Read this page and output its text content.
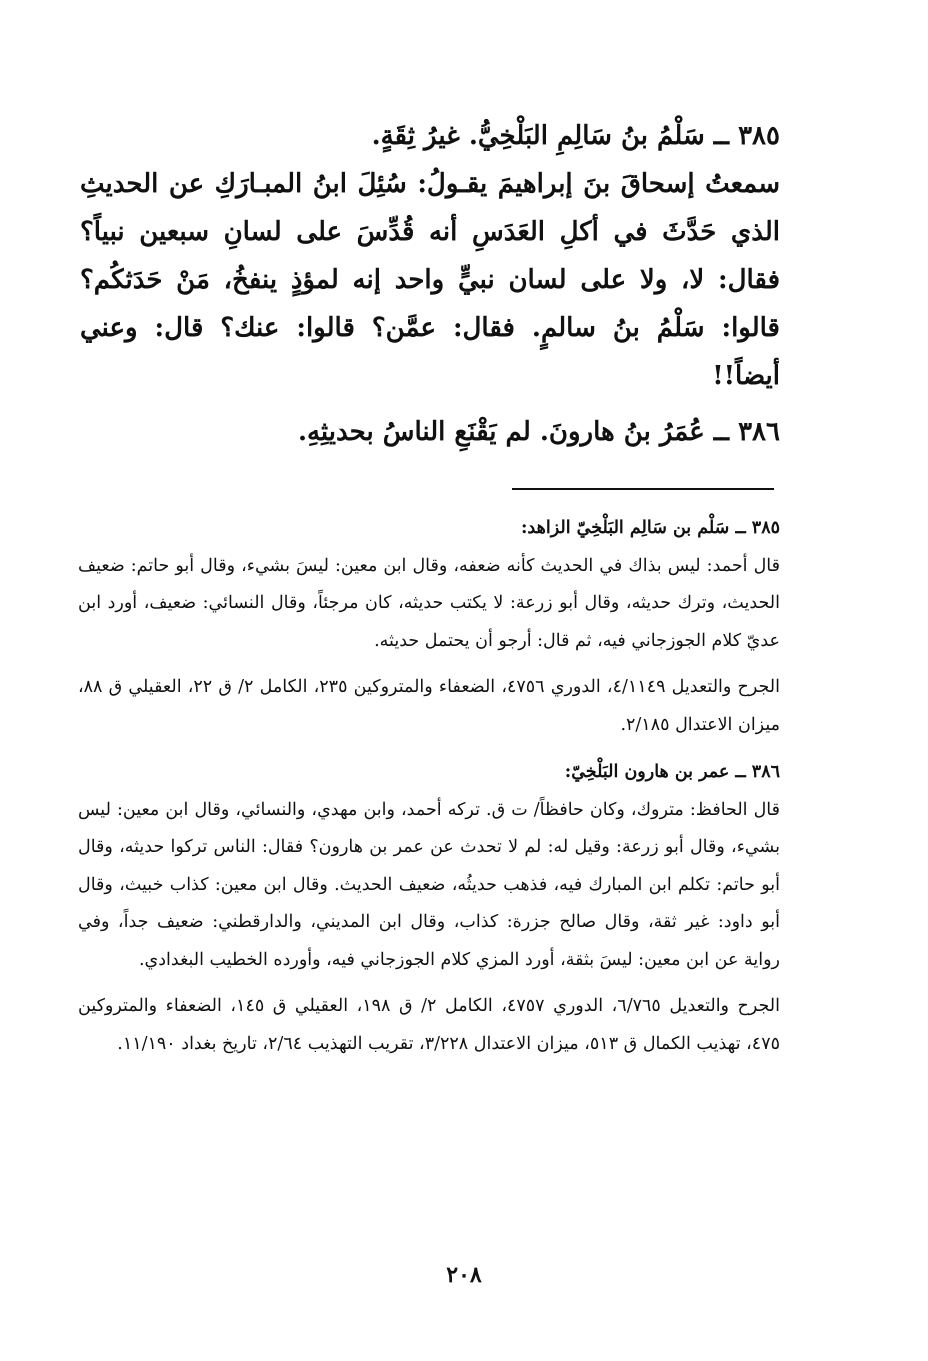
٣٨٥ ــ سَلْمُ بنُ سَالِمِ البَلْخِيُّ. غيرُ ثِقَةٍ.

سمعتُ إسحاقَ بنَ إبراهيمَ يقـولُ: سُئِلَ ابنُ المبـارَكِ عن الحديثِ الذي حَدَّثَ في أكلِ العَدَسِ أنه قُدِّسَ على لسانِ سبعين نبياً؟ فقال: لا، ولا على لسان نبيٍّ واحد إنه لمؤذٍ ينفخُ، مَنْ حَدَثكُم؟ قالوا: سَلْمُ بنُ سالمٍ. فقال: عمَّن؟ قالوا: عنك؟ قال: وعني أيضاً!!

٣٨٦ ــ عُمَرُ بنُ هارونَ. لم يَقْنَعِ الناسُ بحديثِهِ.

٣٨٥ ــ سَلْم بن سَالِم البَلْخِيّ الزاهد:

قال أحمد: ليس بذاك في الحديث كأنه ضعفه، وقال ابن معين: ليسَ بشيء، وقال أبو حاتم: ضعيف الحديث، وترك حديثه، وقال أبو زرعة: لا يكتب حديثه، كان مرجئاً، وقال النسائي: ضعيف، أورد ابن عديّ كلام الجوزجاني فيه، ثم قال: أرجو أن يحتمل حديثه.

الجرح والتعديل ٤/١١٤٩، الدوري ٤٧٥٦، الضعفاء والمتروكين ٢٣٥، الكامل ٢/ ق ٢٢، العقيلي ق ٨٨، ميزان الاعتدال ٢/١٨٥.

٣٨٦ ــ عمر بن هارون البَلْخِيّ:

قال الحافظ: متروك، وكان حافظاً/ ت ق. تركه أحمد، وابن مهدي، والنسائي، وقال ابن معين: ليس بشيء، وقال أبو زرعة: وقيل له: لم لا تحدث عن عمر بن هارون؟ فقال: الناس تركوا حديثه، وقال أبو حاتم: تكلم ابن المبارك فيه، فذهب حديثُه، ضعيف الحديث. وقال ابن معين: كذاب خبيث، وقال أبو داود: غير ثقة، وقال صالح جزرة: كذاب، وقال ابن المديني، والدارقطني: ضعيف جداً، وفي رواية عن ابن معين: ليسَ بثقة، أورد المزي كلام الجوزجاني فيه، وأورده الخطيب البغدادي.

الجرح والتعديل ٦/٧٦٥، الدوري ٤٧٥٧، الكامل ٢/ ق ١٩٨، العقيلي ق ١٤٥، الضعفاء والمتروكين ٤٧٥، تهذيب الكمال ق ٥١٣، ميزان الاعتدال ٣/٢٢٨، تقريب التهذيب ٢/٦٤، تاريخ بغداد ١١/١٩٠.

٢٠٨
